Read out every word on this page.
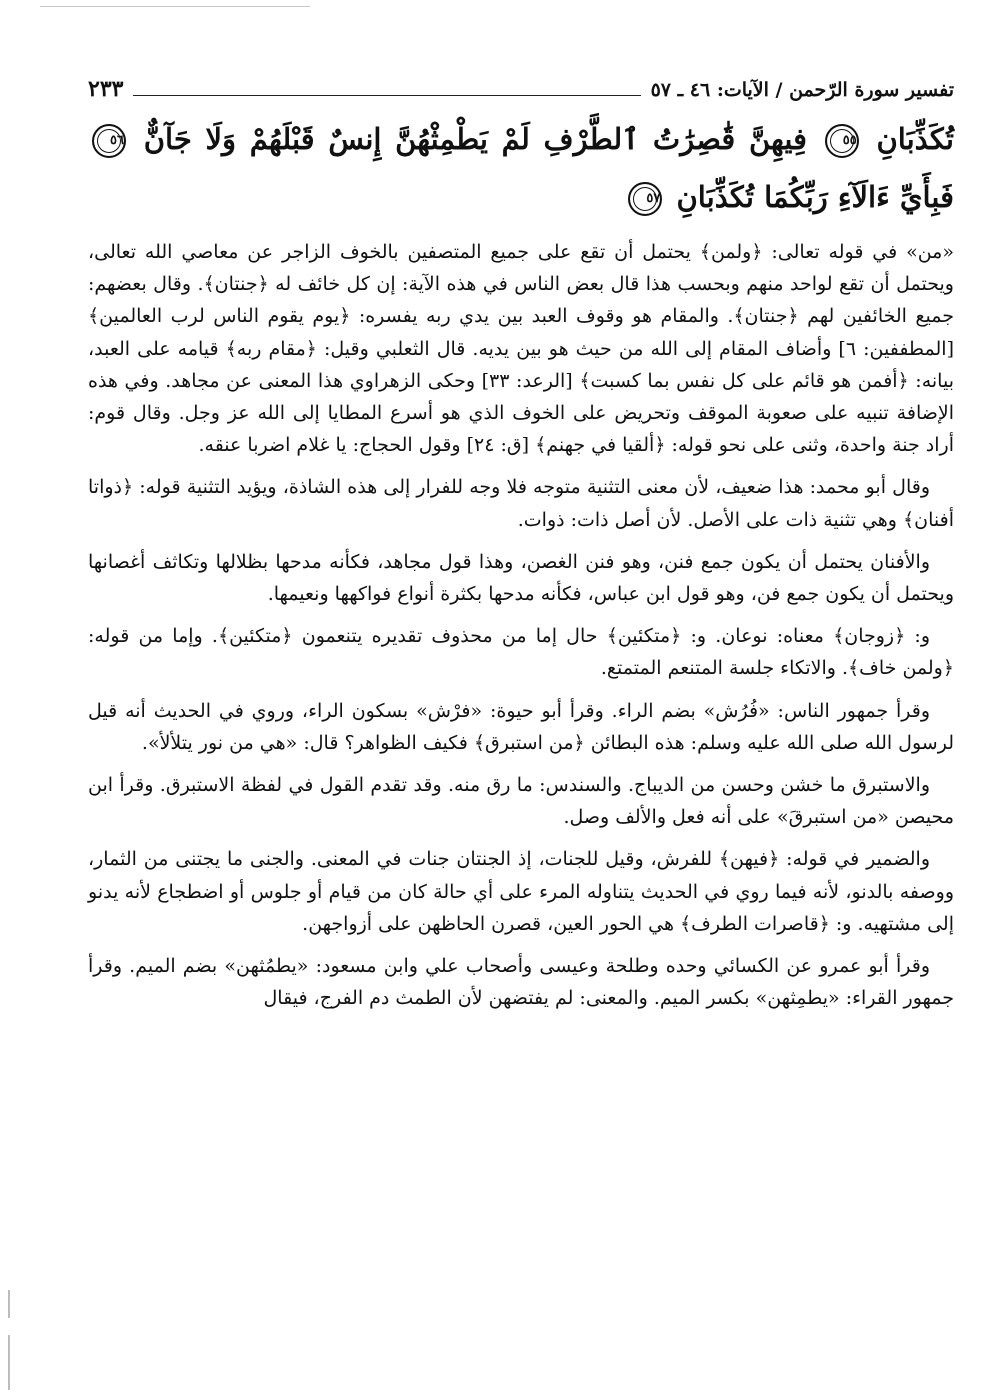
تفسير سورة الرّحمن / الآيات: ٤٦ ـ ٥٧
٢٣٣
تُكَذِّبَانِ ٥٥ فِيهِنَّ قَٰصِرَٰتُ ٱلطَّرْفِ لَمْ يَطْمِثْهُنَّ إِنسٌ قَبْلَهُمْ وَلَا جَآنٌّ ٥٦ فَبِأَيِّ ءَالَآءِ رَبِّكُمَا تُكَذِّبَانِ ٥٧

«من» في قوله تعالى: ﴿ولمن﴾ يحتمل أن تقع على جميع المتصفين بالخوف الزاجر عن معاصي الله تعالى، ويحتمل أن تقع لواحد منهم وبحسب هذا قال بعض الناس في هذه الآية: إن كل خائف له ﴿جنتان﴾. وقال بعضهم: جميع الخائفين لهم ﴿جنتان﴾. والمقام هو وقوف العبد بين يدي ربه يفسره: ﴿يوم يقوم الناس لرب العالمين﴾ [المطففين: ٦] وأضاف المقام إلى الله من حيث هو بين يديه. قال الثعلبي وقيل: ﴿مقام ربه﴾ قيامه على العبد، بيانه: ﴿أفمن هو قائم على كل نفس بما كسبت﴾ [الرعد: ٣٣] وحكى الزهراوي هذا المعنى عن مجاهد. وفي هذه الإضافة تنبيه على صعوبة الموقف وتحريض على الخوف الذي هو أسرع المطايا إلى الله عز وجل. وقال قوم: أراد جنة واحدة، وثنى على نحو قوله: ﴿ألقيا في جهنم﴾ [ق: ٢٤] وقول الحجاج: يا غلام اضربا عنقه.

وقال أبو محمد: هذا ضعيف، لأن معنى التثنية متوجه فلا وجه للفرار إلى هذه الشاذة، ويؤيد التثنية قوله: ﴿ذواتا أفنان﴾ وهي تثنية ذات على الأصل. لأن أصل ذات: ذوات.

والأفنان يحتمل أن يكون جمع فنن، وهو فنن الغصن، وهذا قول مجاهد، فكأنه مدحها بظلالها وتكاثف أغصانها ويحتمل أن يكون جمع فن، وهو قول ابن عباس، فكأنه مدحها بكثرة أنواع فواكهها ونعيمها.

و: ﴿زوجان﴾ معناه: نوعان. و: ﴿متكئين﴾ حال إما من محذوف تقديره يتنعمون ﴿متكئين﴾. وإما من قوله: ﴿ولمن خاف﴾. والاتكاء جلسة المتنعم المتمتع.

وقرأ جمهور الناس: «فُرُش» بضم الراء. وقرأ أبو حيوة: «فرْش» بسكون الراء، وروي في الحديث أنه قيل لرسول الله صلى الله عليه وسلم: هذه البطائن ﴿من استبرق﴾ فكيف الظواهر؟ قال: «هي من نور يتلألأ».

والاستبرق ما خشن وحسن من الديباج. والسندس: ما رق منه. وقد تقدم القول في لفظة الاستبرق. وقرأ ابن محيصن «من استبرقَ» على أنه فعل والألف وصل.

والضمير في قوله: ﴿فيهن﴾ للفرش، وقيل للجنات، إذ الجنتان جنات في المعنى. والجنى ما يجتنى من الثمار، ووصفه بالدنو، لأنه فيما روي في الحديث يتناوله المرء على أي حالة كان من قيام أو جلوس أو اضطجاع لأنه يدنو إلى مشتهيه. و: ﴿قاصرات الطرف﴾ هي الحور العين، قصرن الحاظهن على أزواجهن.

وقرأ أبو عمرو عن الكسائي وحده وطلحة وعيسى وأصحاب علي وابن مسعود: «يطمُثهن» بضم الميم. وقرأ جمهور القراء: «يطمِثهن» بكسر الميم. والمعنى: لم يفتضهن لأن الطمث دم الفرج، فيقال
